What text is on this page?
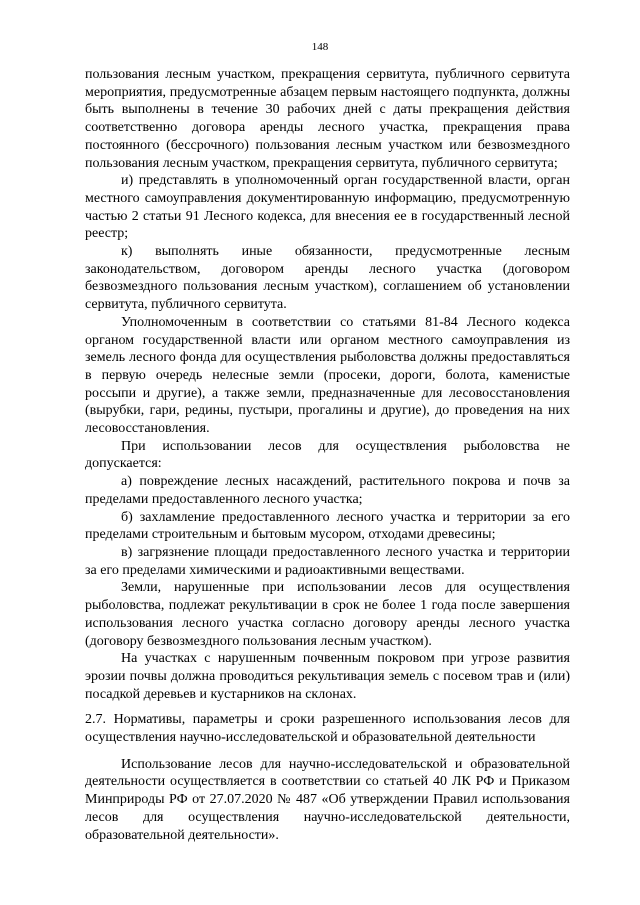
148

пользования лесным участком, прекращения сервитута, публичного сервитута мероприятия, предусмотренные абзацем первым настоящего подпункта, должны быть выполнены в течение 30 рабочих дней с даты прекращения действия соответственно договора аренды лесного участка, прекращения права постоянного (бессрочного) пользования лесным участком или безвозмездного пользования лесным участком, прекращения сервитута, публичного сервитута;

и) представлять в уполномоченный орган государственной власти, орган местного самоуправления документированную информацию, предусмотренную частью 2 статьи 91 Лесного кодекса, для внесения ее в государственный лесной реестр;

к) выполнять иные обязанности, предусмотренные лесным законодательством, договором аренды лесного участка (договором безвозмездного пользования лесным участком), соглашением об установлении сервитута, публичного сервитута.

Уполномоченным в соответствии со статьями 81-84 Лесного кодекса органом государственной власти или органом местного самоуправления из земель лесного фонда для осуществления рыболовства должны предоставляться в первую очередь нелесные земли (просеки, дороги, болота, каменистые россыпи и другие), а также земли, предназначенные для лесовосстановления (вырубки, гари, редины, пустыри, прогалины и другие), до проведения на них лесовосстановления.

При использовании лесов для осуществления рыболовства не допускается:

а) повреждение лесных насаждений, растительного покрова и почв за пределами предоставленного лесного участка;

б) захламление предоставленного лесного участка и территории за его пределами строительным и бытовым мусором, отходами древесины;

в) загрязнение площади предоставленного лесного участка и территории за его пределами химическими и радиоактивными веществами.

Земли, нарушенные при использовании лесов для осуществления рыболовства, подлежат рекультивации в срок не более 1 года после завершения использования лесного участка согласно договору аренды лесного участка (договору безвозмездного пользования лесным участком).

На участках с нарушенным почвенным покровом при угрозе развития эрозии почвы должна проводиться рекультивация земель с посевом трав и (или) посадкой деревьев и кустарников на склонах.

2.7. Нормативы, параметры и сроки разрешенного использования лесов для осуществления научно-исследовательской и образовательной деятельности

Использование лесов для научно-исследовательской и образовательной деятельности осуществляется в соответствии со статьей 40 ЛК РФ и Приказом Минприроды РФ от 27.07.2020 № 487 «Об утверждении Правил использования лесов для осуществления научно-исследовательской деятельности, образовательной деятельности».
